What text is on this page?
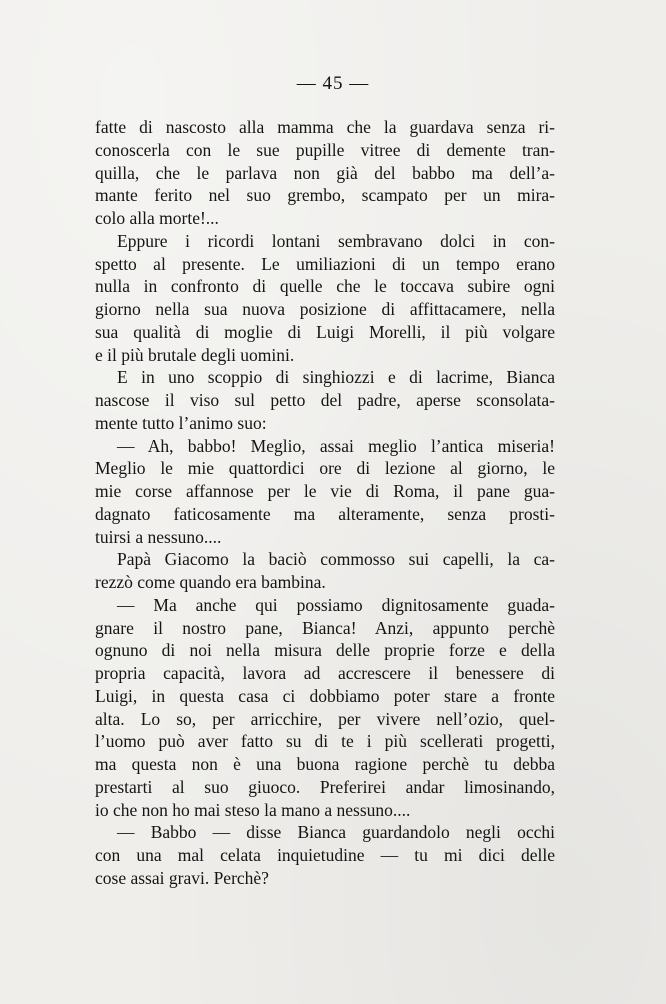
— 45 —
fatte di nascosto alla mamma che la guardava senza ri-
conoscerla con le sue pupille vitree di demente tran-
quilla, che le parlava non già del babbo ma dell’a-
mante ferito nel suo grembo, scampato per un mira-
colo alla morte!...
Eppure i ricordi lontani sembravano dolci in con-
spetto al presente. Le umiliazioni di un tempo erano
nulla in confronto di quelle che le toccava subire ogni
giorno nella sua nuova posizione di affittacamere, nella
sua qualità di moglie di Luigi Morelli, il più volgare
e il più brutale degli uomini.
E in uno scoppio di singhiozzi e di lacrime, Bianca
nascose il viso sul petto del padre, aperse sconsolata-
mente tutto l’animo suo:
— Ah, babbo! Meglio, assai meglio l’antica miseria!
Meglio le mie quattordici ore di lezione al giorno, le
mie corse affannose per le vie di Roma, il pane gua-
dagnato faticosamente ma alteramente, senza prosti-
tuirsi a nessuno....
Papà Giacomo la baciò commosso sui capelli, la ca-
rezzò come quando era bambina.
— Ma anche qui possiamo dignitosamente guada-
gnare il nostro pane, Bianca! Anzi, appunto perchè
ognuno di noi nella misura delle proprie forze e della
propria capacità, lavora ad accrescere il benessere di
Luigi, in questa casa ci dobbiamo poter stare a fronte
alta. Lo so, per arricchire, per vivere nell’ozio, quel-
l’uomo può aver fatto su di te i più scellerati progetti,
ma questa non è una buona ragione perchè tu debba
prestarti al suo giuoco. Preferirei andar limosinando,
io che non ho mai steso la mano a nessuno....
— Babbo — disse Bianca guardandolo negli occhi
con una mal celata inquietudine — tu mi dici delle
cose assai gravi. Perchè?
